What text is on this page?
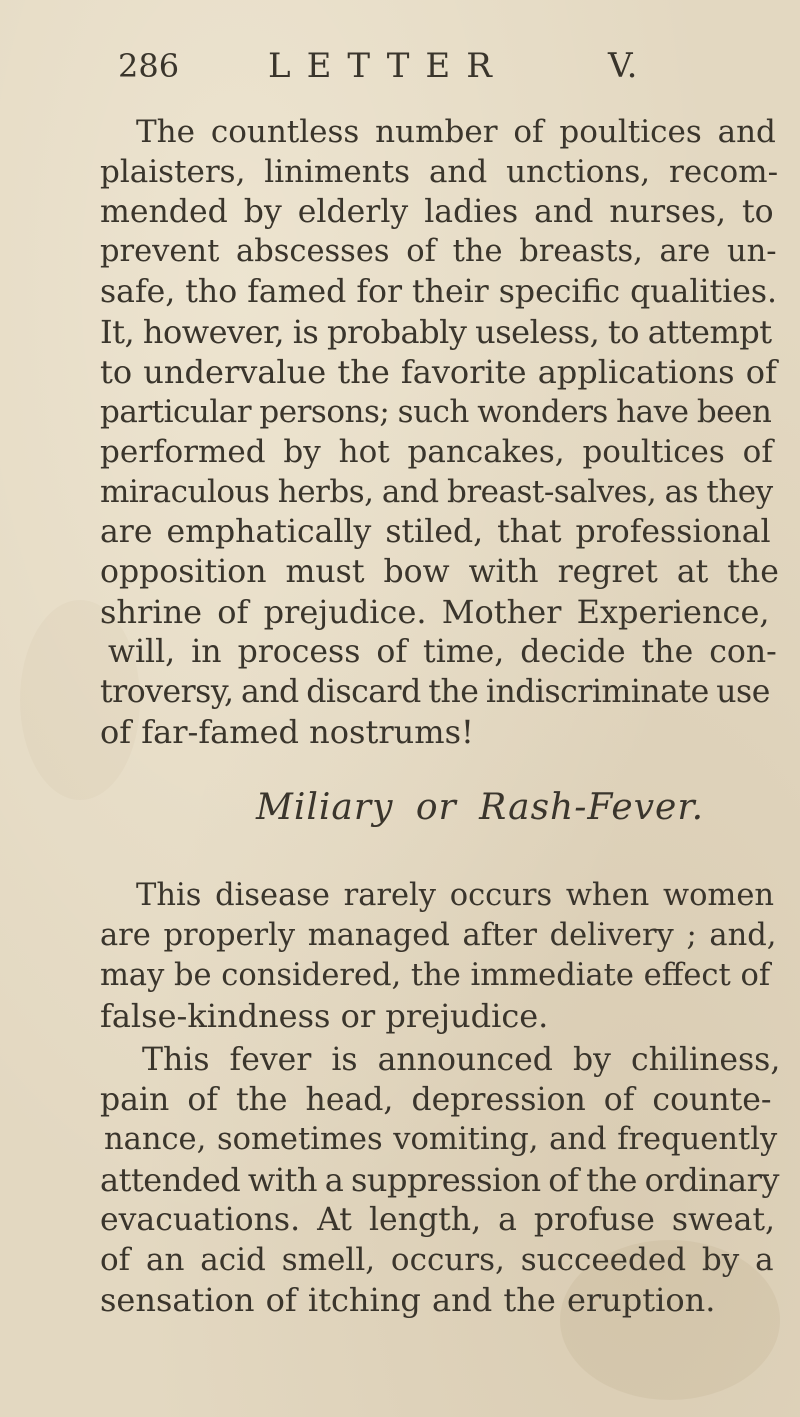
286	LETTER	V.
The countless number of poultices and
plaisters, liniments and unctions, recom-
mended by elderly ladies and nurses, to
prevent abscesses of the breasts, are un-
safe, tho famed for their specific qualities.
It, however, is probably useless, to attempt
to undervalue the favorite applications of
particular persons; such wonders have been
performed by hot pancakes, poultices of
miraculous herbs, and breast-salves, as they
are emphatically stiled, that professional
opposition must bow with regret at the
shrine of prejudice. Mother Experience,
will, in process of time, decide the con-
troversy, and discard the indiscriminate use
of far-famed nostrums!
Miliary or Rash-Fever.
This disease rarely occurs when women
are properly managed after delivery ; and,
may be considered, the immediate effect of
false-kindness or prejudice.
This fever is announced by chiliness,
pain of the head, depression of counte-
nance, sometimes vomiting, and frequently
attended with a suppression of the ordinary
evacuations. At length, a profuse sweat,
of an acid smell, occurs, succeeded by a
sensation of itching and the eruption.
